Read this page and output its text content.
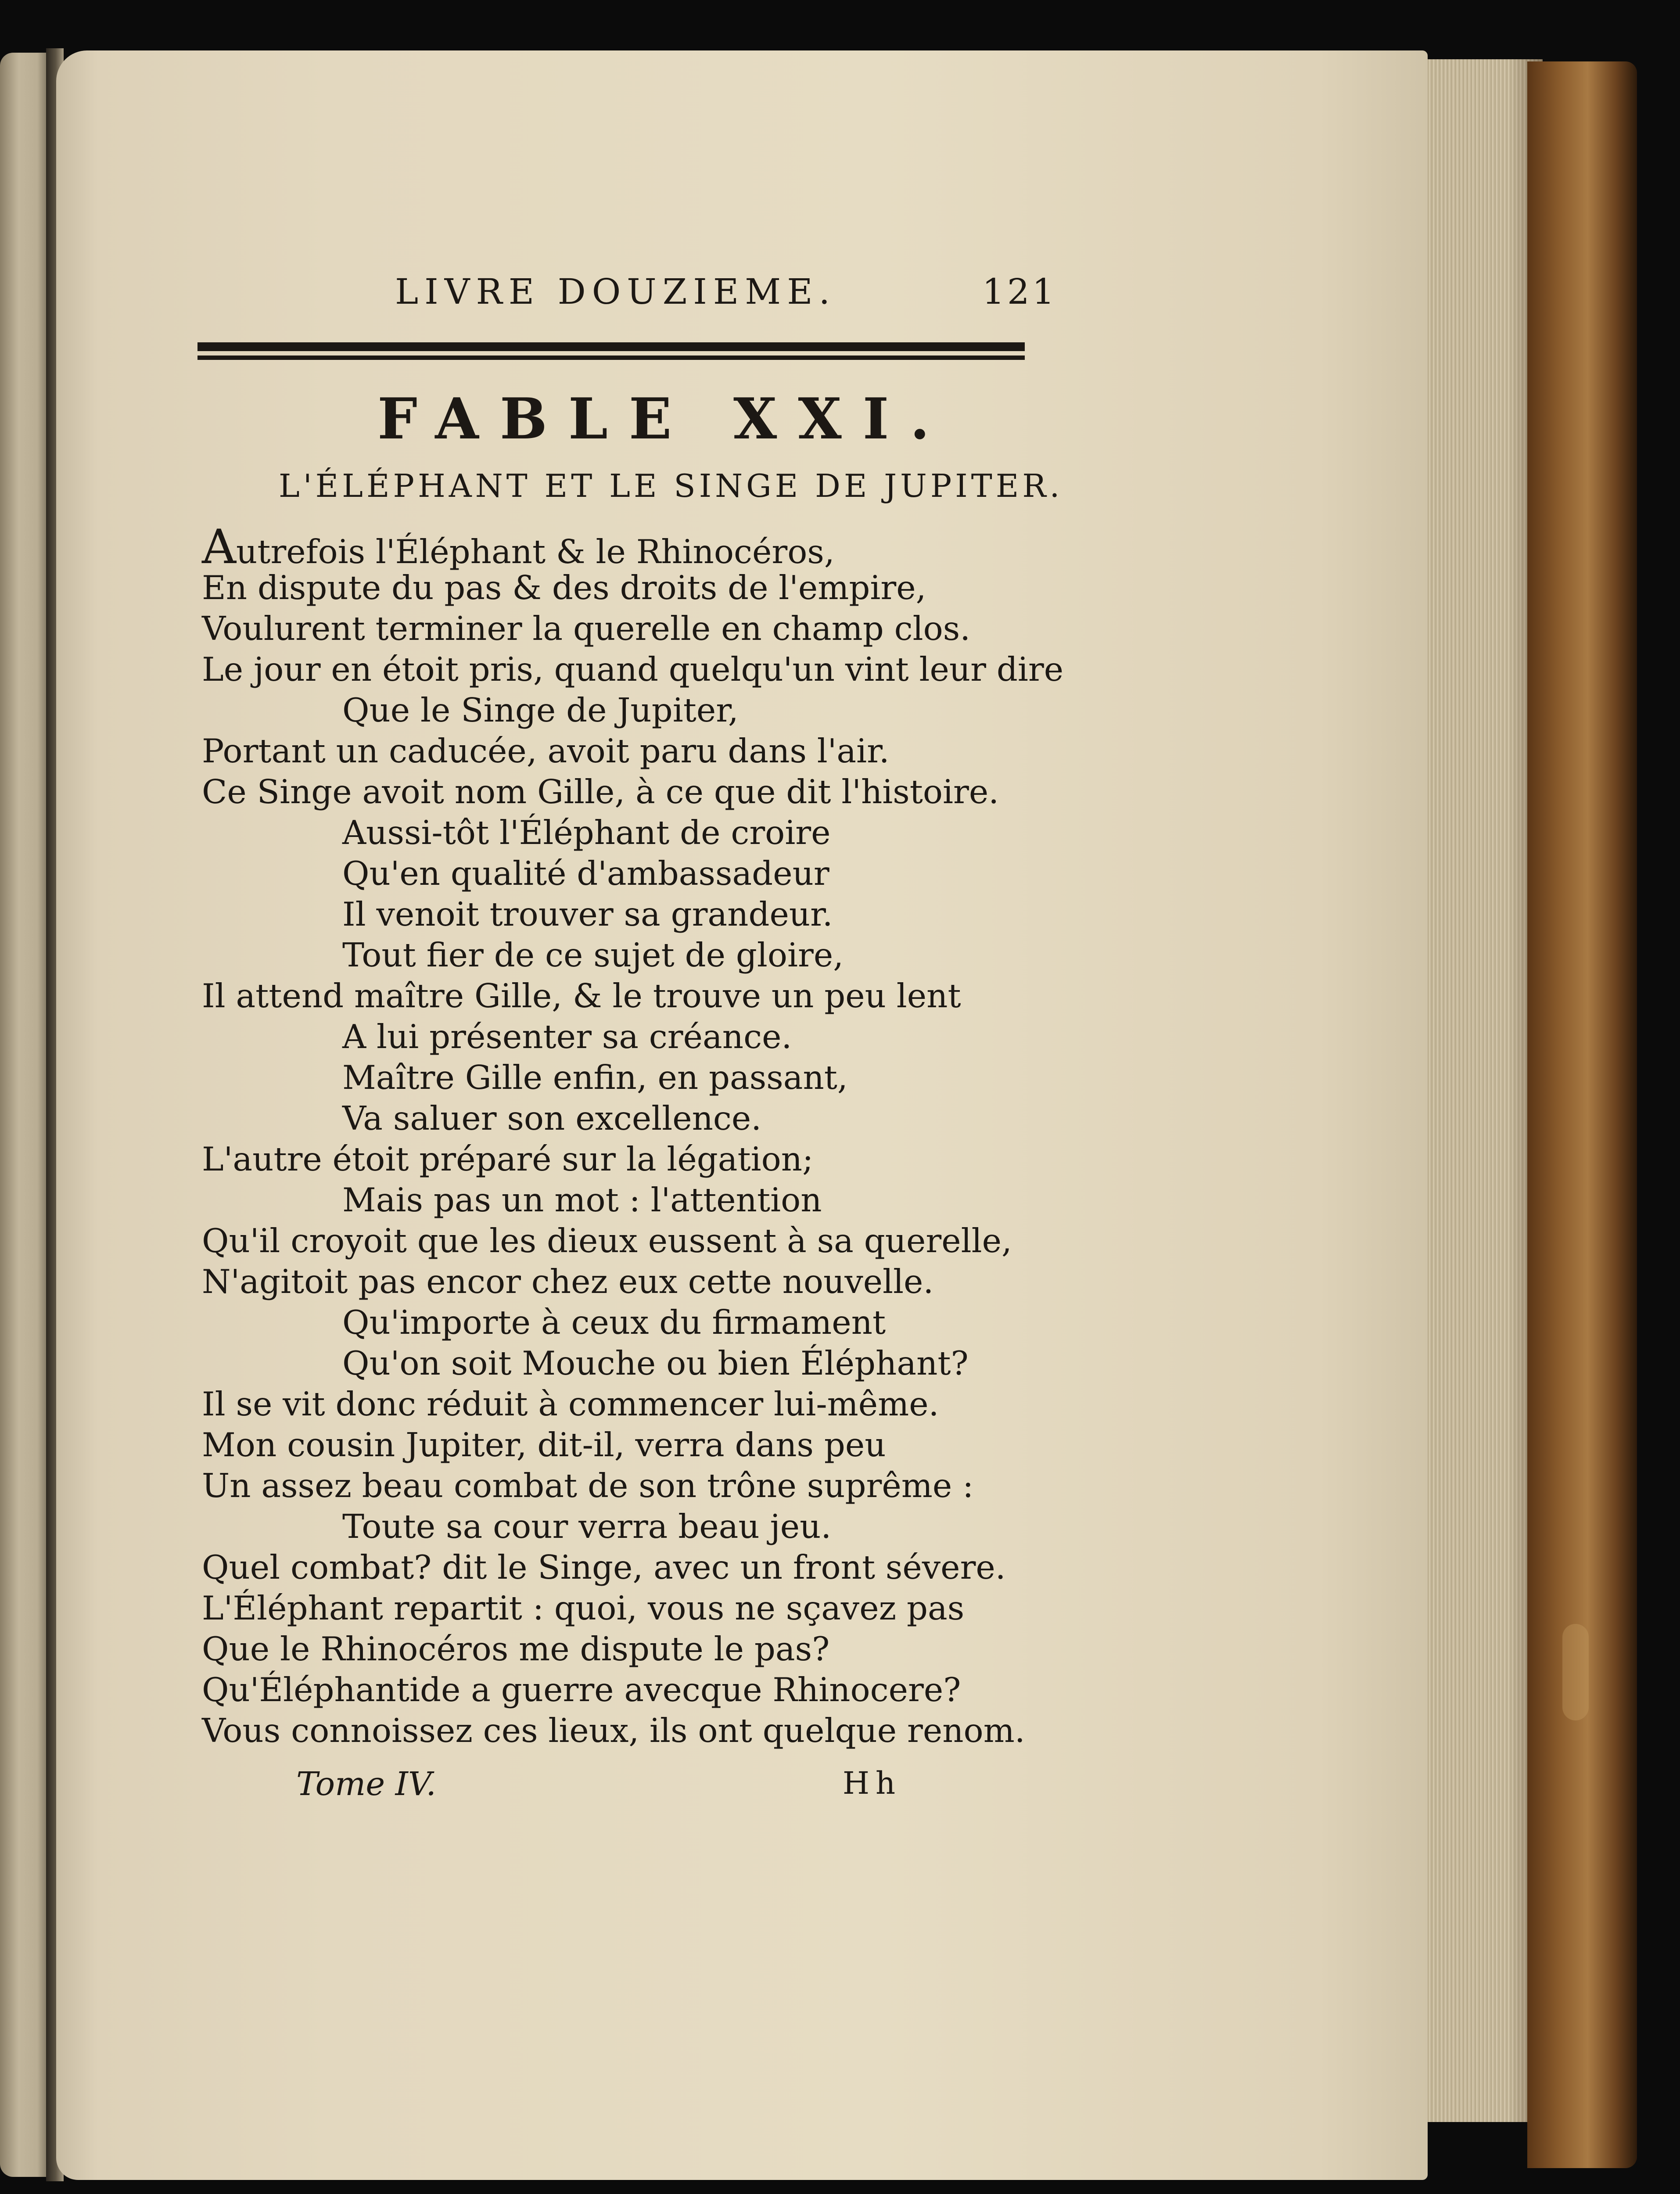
LIVRE DOUZIEME.	121
FABLE XXI.
L'ÉLÉPHANT ET LE SINGE DE JUPITER.
Autrefois l'Éléphant & le Rhinocéros,
En dispute du pas & des droits de l'empire,
Voulurent terminer la querelle en champ clos.
Le jour en étoit pris, quand quelqu'un vint leur dire
Que le Singe de Jupiter,
Portant un caducée, avoit paru dans l'air.
Ce Singe avoit nom Gille, à ce que dit l'histoire.
Aussi-tôt l'Éléphant de croire
Qu'en qualité d'ambassadeur
Il venoit trouver sa grandeur.
Tout fier de ce sujet de gloire,
Il attend maître Gille, & le trouve un peu lent
A lui présenter sa créance.
Maître Gille enfin, en passant,
Va saluer son excellence.
L'autre étoit préparé sur la légation;
Mais pas un mot : l'attention
Qu'il croyoit que les dieux eussent à sa querelle,
N'agitoit pas encor chez eux cette nouvelle.
Qu'importe à ceux du firmament
Qu'on soit Mouche ou bien Éléphant?
Il se vit donc réduit à commencer lui-même.
Mon cousin Jupiter, dit-il, verra dans peu
Un assez beau combat de son trône suprême :
Toute sa cour verra beau jeu.
Quel combat? dit le Singe, avec un front sévere.
L'Éléphant repartit : quoi, vous ne sçavez pas
Que le Rhinocéros me dispute le pas?
Qu'Éléphantide a guerre avecque Rhinocere?
Vous connoissez ces lieux, ils ont quelque renom.
Tome IV.	Hh
